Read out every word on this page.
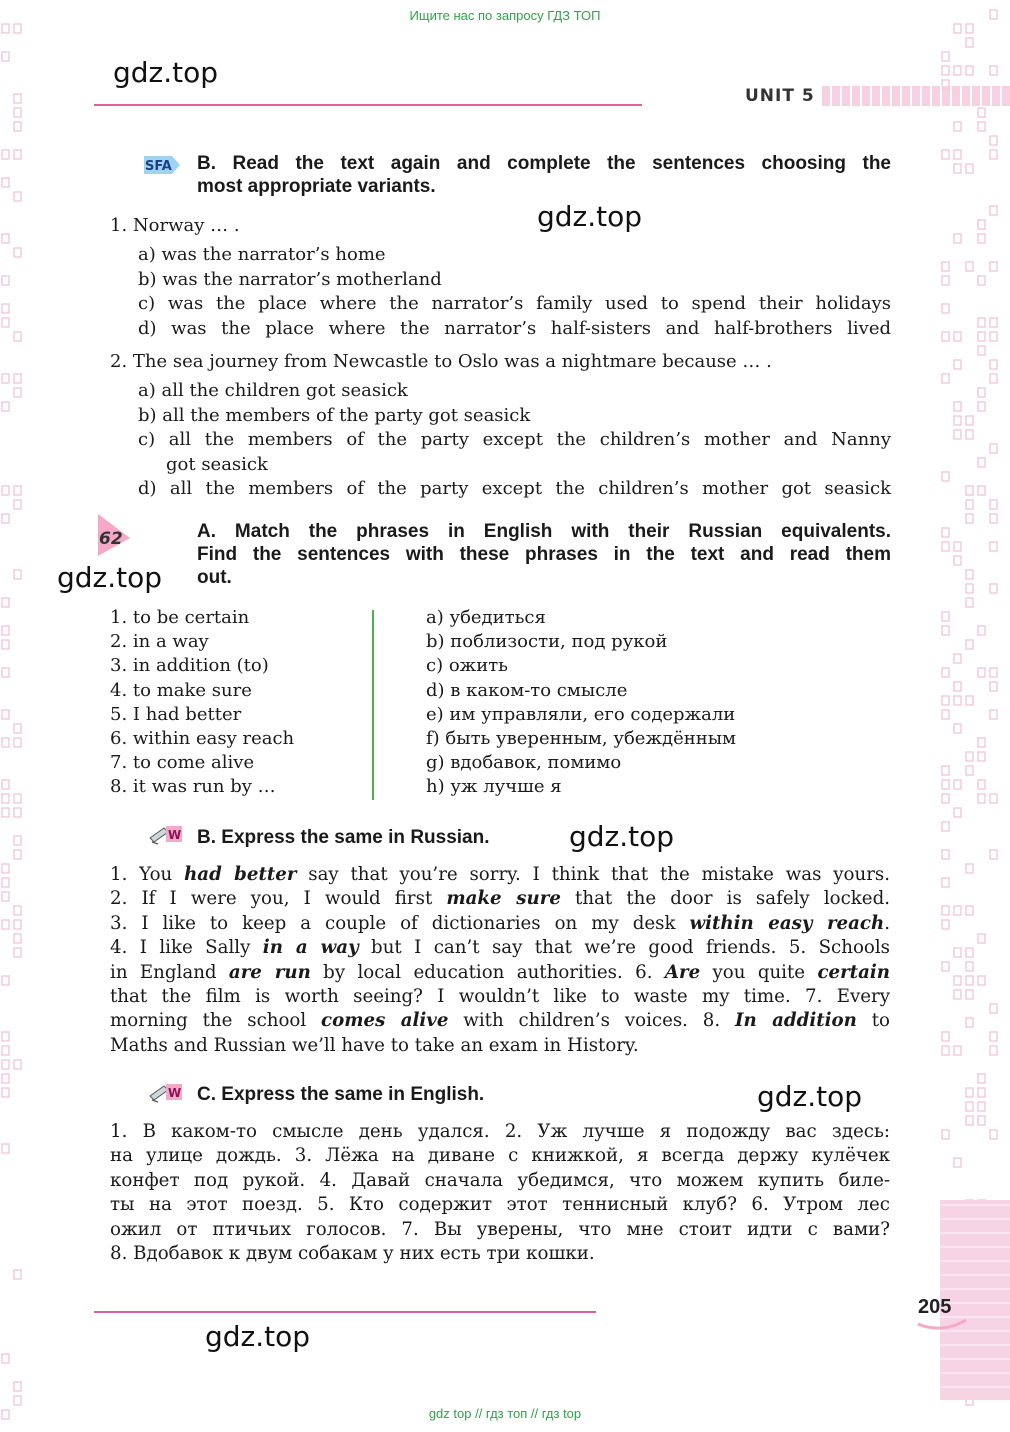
Ищите нас по запросу ГДЗ ТОП
gdz.top
gdz.top
gdz.top
gdz.top
gdz.top
gdz.top
UNIT 5
SFA B. Read the text again and complete the sentences choosing the
most appropriate variants.
1. Norway … .
a) was the narrator’s home
b) was the narrator’s motherland
c) was the place where the narrator’s family used to spend their holidays
d) was the place where the narrator’s half-sisters and half-brothers lived
2. The sea journey from Newcastle to Oslo was a nightmare because … .
a) all the children got seasick
b) all the members of the party got seasick
c) all the members of the party except the children’s mother and Nanny
got seasick
d) all the members of the party except the children’s mother got seasick
62	A. Match the phrases in English with their Russian equivalents.
Find the sentences with these phrases in the text and read them
out.
1. to be certain
2. in a way
3. in addition (to)
4. to make sure
5. I had better
6. within easy reach
7. to come alive
8. it was run by …
a) убедиться
b) поблизости, под рукой
c) ожить
d) в каком-то смысле
e) им управляли, его содержали
f) быть уверенным, убеждённым
g) вдобавок, помимо
h) уж лучше я
W B. Express the same in Russian.
1. You had better say that you’re sorry. I think that the mistake was yours.
2. If I were you, I would first make sure that the door is safely locked.
3. I like to keep a couple of dictionaries on my desk within easy reach.
4. I like Sally in a way but I can’t say that we’re good friends. 5. Schools
in England are run by local education authorities. 6. Are you quite certain
that the film is worth seeing? I wouldn’t like to waste my time. 7. Every
morning the school comes alive with children’s voices. 8. In addition to
Maths and Russian we’ll have to take an exam in History.
W C. Express the same in English.
1. В каком-то смысле день удался. 2. Уж лучше я подожду вас здесь:
на улице дождь. 3. Лёжа на диване с книжкой, я всегда держу кулёчек
конфет под рукой. 4. Давай сначала убедимся, что можем купить биле-
ты на этот поезд. 5. Кто содержит этот теннисный клуб? 6. Утром лес
ожил от птичьих голосов. 7. Вы уверены, что мне стоит идти с вами?
8. Вдобавок к двум собакам у них есть три кошки.
205
gdz top // гдз топ // гдз top
